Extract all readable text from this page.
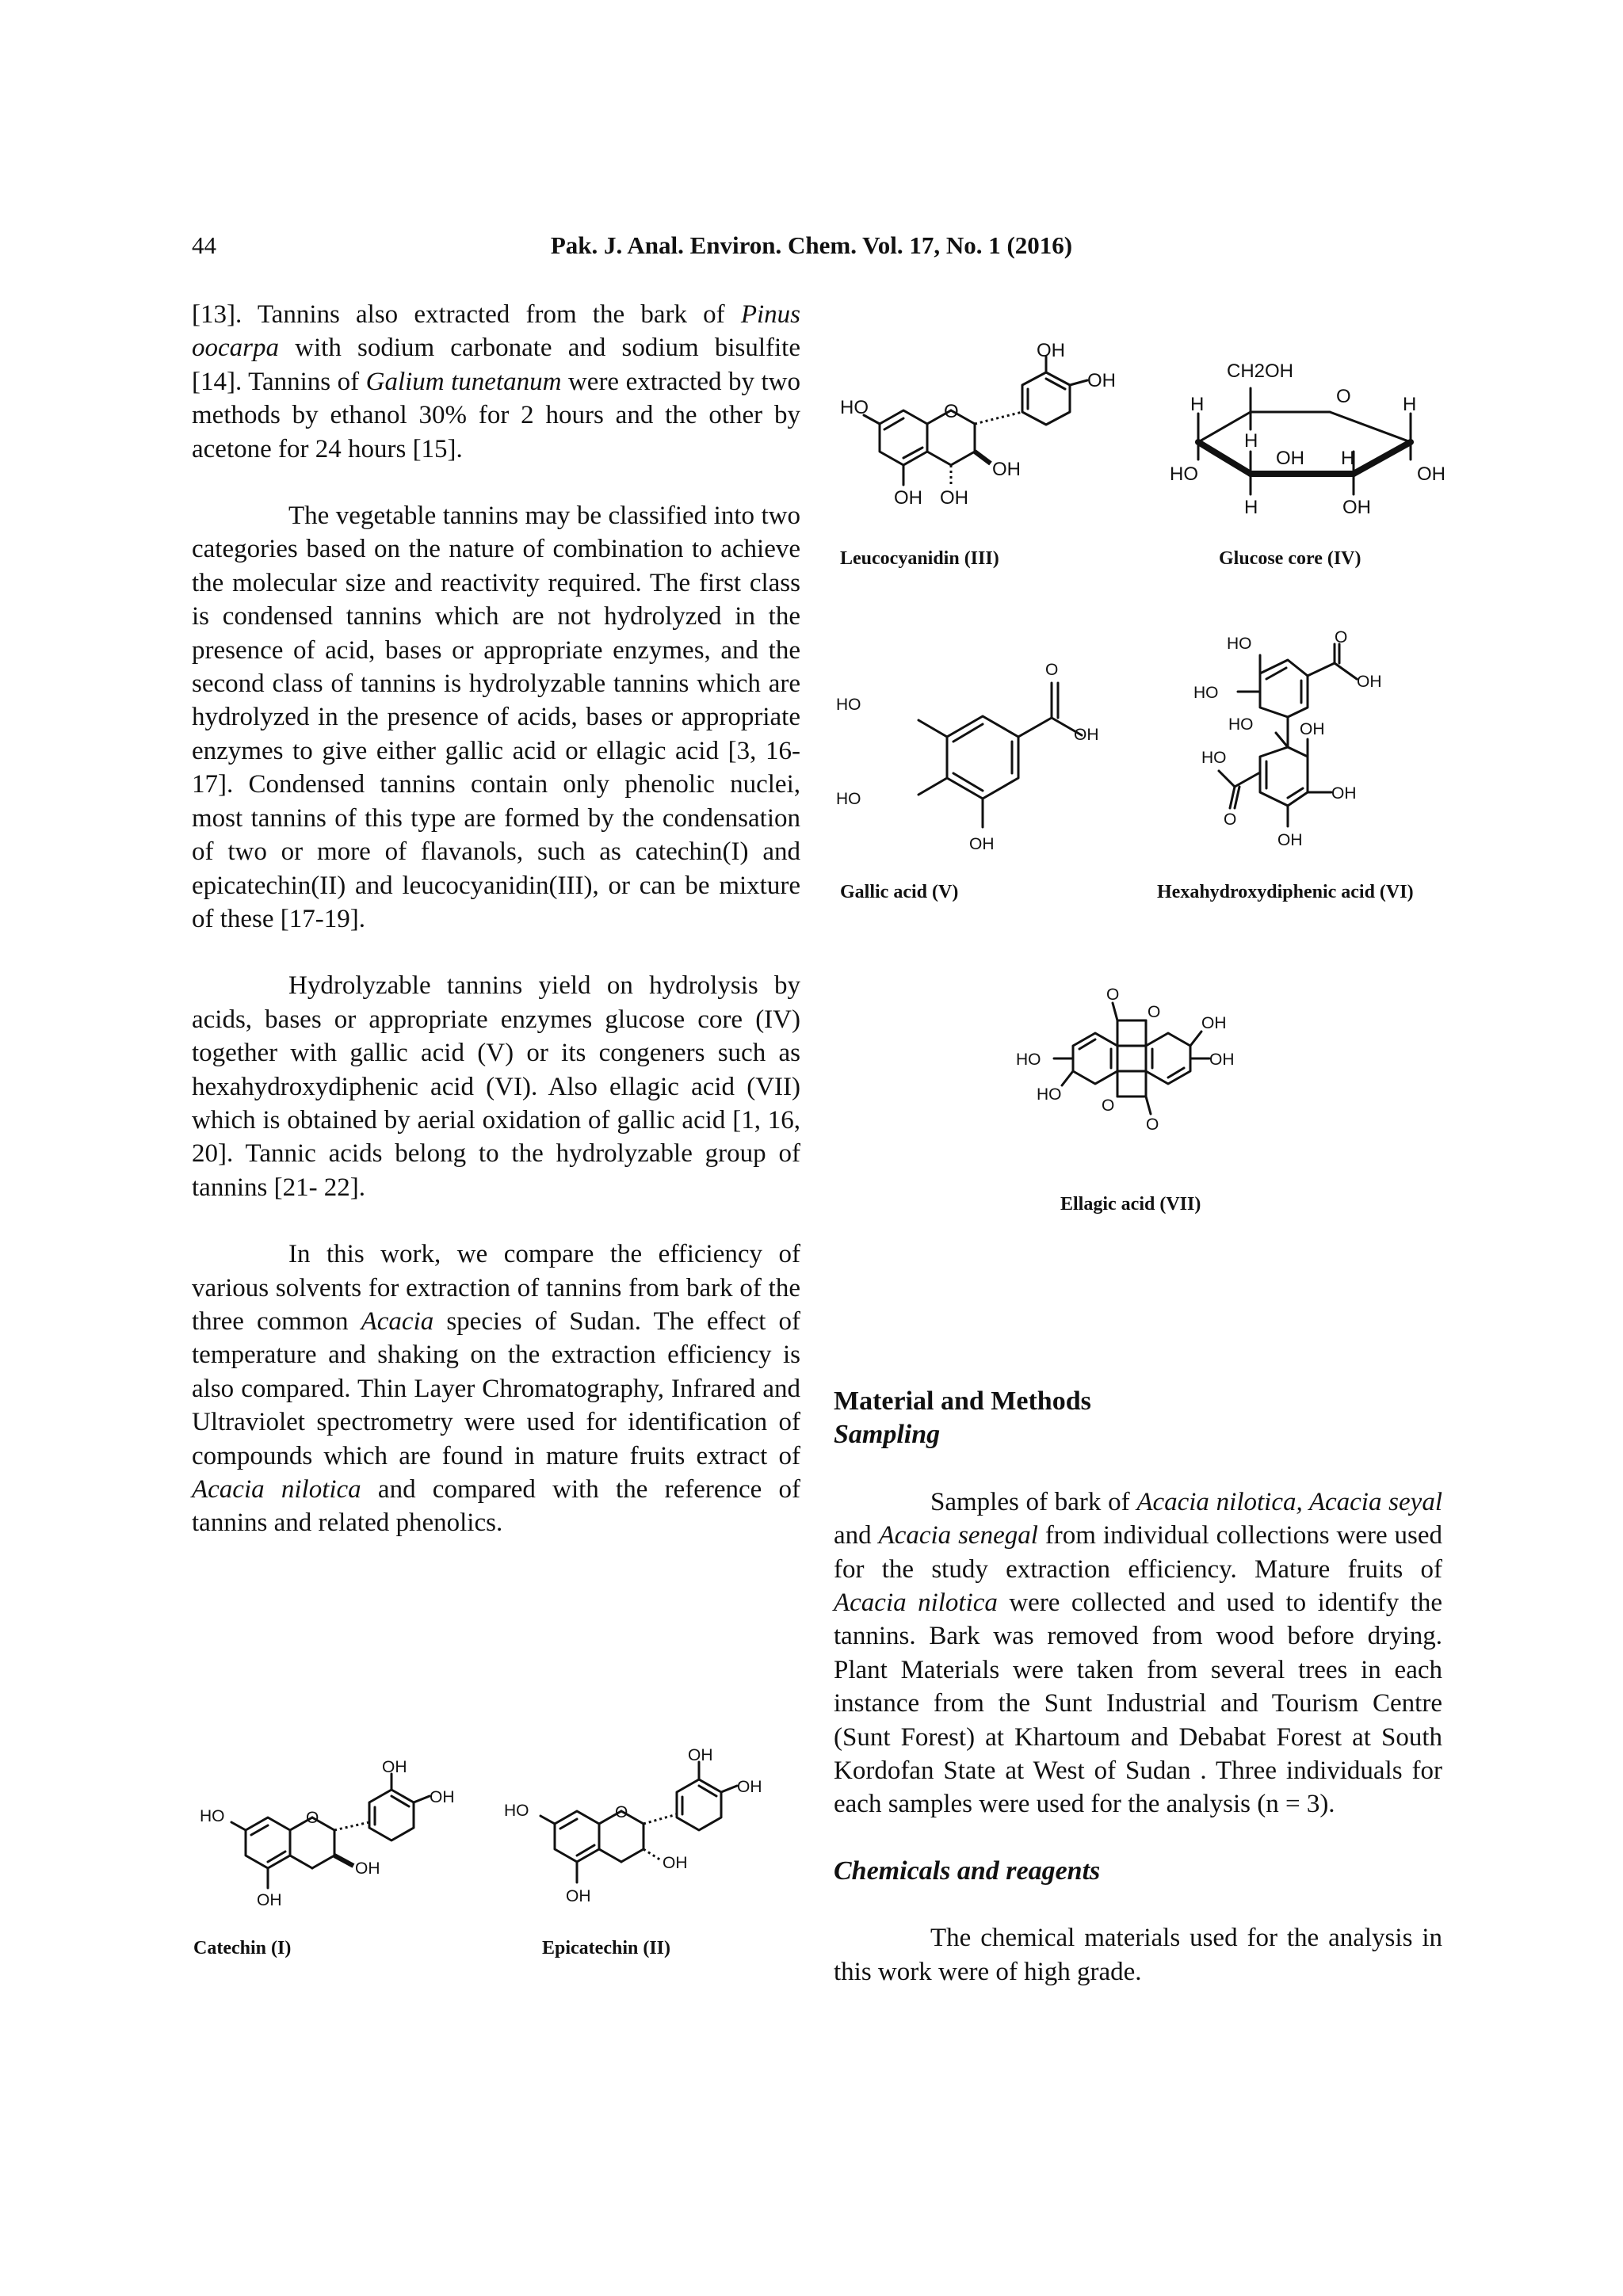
44	Pak. J. Anal. Environ. Chem. Vol. 17, No. 1 (2016)

[13]. Tannins also extracted from the bark of Pinus oocarpa with sodium carbonate and sodium bisulfite [14]. Tannins of Galium tunetanum were extracted by two methods by ethanol 30% for 2 hours and the other by acetone for 24 hours [15].

The vegetable tannins may be classified into two categories based on the nature of combination to achieve the molecular size and reactivity required. The first class is condensed tannins which are not hydrolyzed in the presence of acid, bases or appropriate enzymes, and the second class of tannins is hydrolyzable tannins which are hydrolyzed in the presence of acids, bases or appropriate enzymes to give either gallic acid or ellagic acid [3, 16-17]. Condensed tannins contain only phenolic nuclei, most tannins of this type are formed by the condensation of two or more of flavanols, such as catechin(I) and epicatechin(II) and leucocyanidin(III), or can be mixture of these [17-19].

Hydrolyzable tannins yield on hydrolysis by acids, bases or appropriate enzymes glucose core (IV) together with gallic acid (V) or its congeners such as hexahydroxydiphenic acid (VI). Also ellagic acid (VII) which is obtained by aerial oxidation of gallic acid [1, 16, 20]. Tannic acids belong to the hydrolyzable group of tannins [21- 22].

In this work, we compare the efficiency of various solvents for extraction of tannins from bark of the three common Acacia species of Sudan. The effect of temperature and shaking on the extraction efficiency is also compared. Thin Layer Chromatography, Infrared and Ultraviolet spectrometry were used for identification of compounds which are found in mature fruits extract of Acacia nilotica and compared with the reference of tannins and related phenolics.

Material and Methods

Sampling

Samples of bark of Acacia nilotica, Acacia seyal and Acacia senegal from individual collections were used for the study extraction efficiency. Mature fruits of Acacia nilotica were collected and used to identify the tannins. Bark was removed from wood before drying. Plant Materials were taken from several trees in each instance from the Sunt Industrial and Tourism Centre (Sunt Forest) at Khartoum and Debabat Forest at South Kordofan State at West of Sudan . Three individuals for each samples were used for the analysis (n = 3).

Chemicals and reagents

The chemical materials used for the analysis in this work were of high grade.

HO	O
OH
OH
OH
OH OH
Leucocyanidin (III)
CH2OH
O
H
H
H
H
H
OH
OH
OH
HO
Glucose core (IV)
O
OH
HO
HO
OH
Gallic acid (V)
HO
HO
O
OH
HO	OH
HO
OH
O
OH
Hexahydroxydiphenic acid (VI)
O
O
OH
OH
HO
HO
O
O
Ellagic acid (VII)
HO	O
OH
OH
OH
OH
Catechin (I)
HO	O
OH
OH
OH
OH
Epicatechin (II)
